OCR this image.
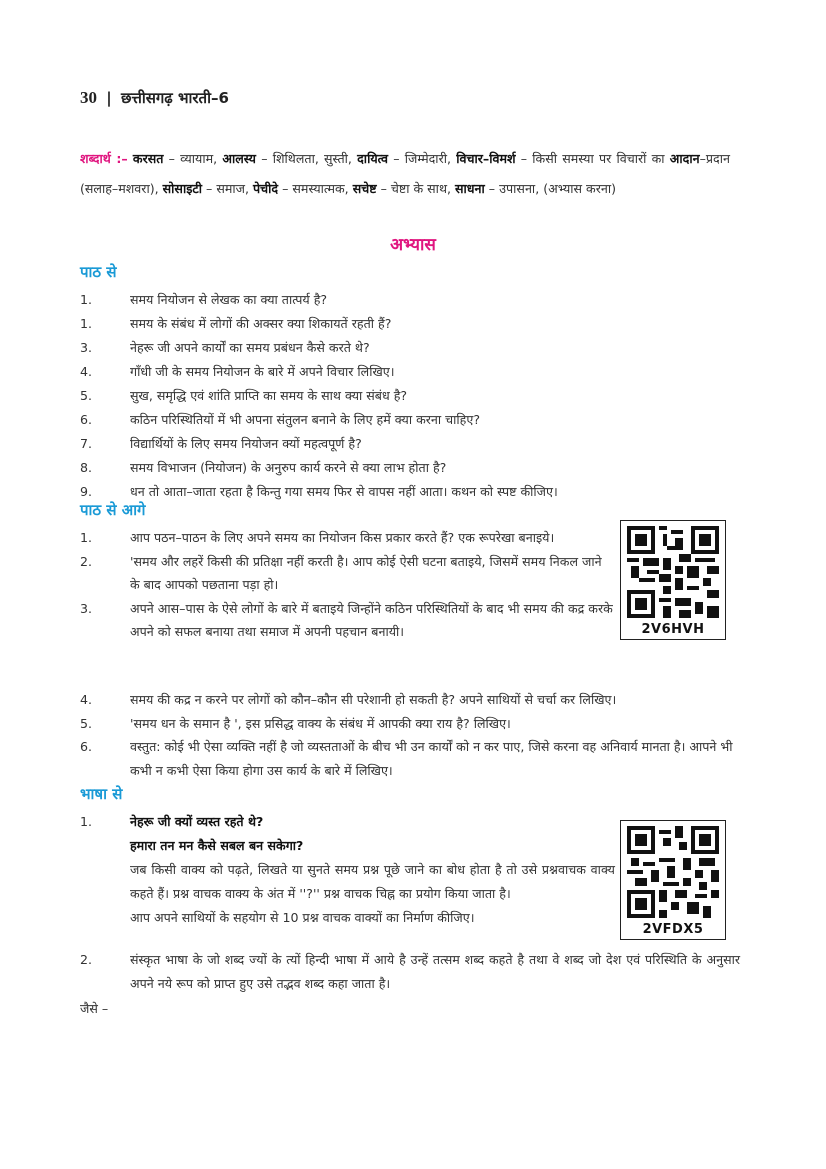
30 | छत्तीसगढ़ भारती–6
शब्दार्थ :– करसत – व्यायाम, आलस्य – शिथिलता, सुस्ती, दायित्व – जिम्मेदारी, विचार–विमर्श – किसी समस्या पर विचारों का आदान–प्रदान (सलाह–मशवरा), सोसाइटी – समाज, पेचीदे – समस्यात्मक, सचेष्ट – चेष्टा के साथ, साधना – उपासना, (अभ्यास करना)
अभ्यास
पाठ से
1.	समय नियोजन से लेखक का क्या तात्पर्य है?
1.	समय के संबंध में लोगों की अक्सर क्या शिकायतें रहती हैं?
3.	नेहरू जी अपने कार्यों का समय प्रबंधन कैसे करते थे?
4.	गाँधी जी के समय नियोजन के बारे में अपने विचार लिखिए।
5.	सुख, समृद्धि एवं शांति प्राप्ति का समय के साथ क्या संबंध है?
6.	कठिन परिस्थितियों में भी अपना संतुलन बनाने के लिए हमें क्या करना चाहिए?
7.	विद्यार्थियों के लिए समय नियोजन क्यों महत्वपूर्ण है?
8.	समय विभाजन (नियोजन) के अनुरुप कार्य करने से क्या लाभ होता है?
9.	धन तो आता–जाता रहता है किन्तु गया समय फिर से वापस नहीं आता। कथन को स्पष्ट कीजिए।
पाठ से आगे
1.	आप पठन–पाठन के लिए अपने समय का नियोजन किस प्रकार करते हैं? एक रूपरेखा बनाइये।
2.	'समय और लहरें किसी की प्रतिक्षा नहीं करती है। आप कोई ऐसी घटना बताइये, जिसमें समय निकल जाने के बाद आपको पछताना पड़ा हो।
3.	अपने आस–पास के ऐसे लोगों के बारे में बताइये जिन्होंने कठिन परिस्थितियों के बाद भी समय की कद्र करके अपने को सफल बनाया तथा समाज में अपनी पहचान बनायी।
4.	समय की कद्र न करने पर लोगों को कौन–कौन सी परेशानी हो सकती है? अपने साथियों से चर्चा कर लिखिए।
5.	'समय धन के समान है ', इस प्रसिद्ध वाक्य के संबंध में आपकी क्या राय है? लिखिए।
6.	वस्तुत: कोई भी ऐसा व्यक्ति नहीं है जो व्यस्तताओं के बीच भी उन कार्यों को न कर पाए, जिसे करना वह अनिवार्य मानता है। आपने भी कभी न कभी ऐसा किया होगा उस कार्य के बारे में लिखिए।
2V6HVH
भाषा से
1.	नेहरू जी क्यों व्यस्त रहते थे?
हमारा तन मन कैसे सबल बन सकेगा?
जब किसी वाक्य को पढ़ते, लिखते या सुनते समय प्रश्न पूछे जाने का बोध होता है तो उसे प्रश्नवाचक वाक्य कहते हैं। प्रश्न वाचक वाक्य के अंत में ''?'' प्रश्न वाचक चिह्न का प्रयोग किया जाता है।
आप अपने साथियों के सहयोग से 10 प्रश्न वाचक वाक्यों का निर्माण कीजिए।
2.	संस्कृत भाषा के जो शब्द ज्यों के त्यों हिन्दी भाषा में आये है उन्हें तत्सम शब्द कहते है तथा वे शब्द जो देश एवं परिस्थिति के अनुसार अपने नये रूप को प्राप्त हुए उसे तद्भव शब्द कहा जाता है।
2VFDX5
जैसे –
